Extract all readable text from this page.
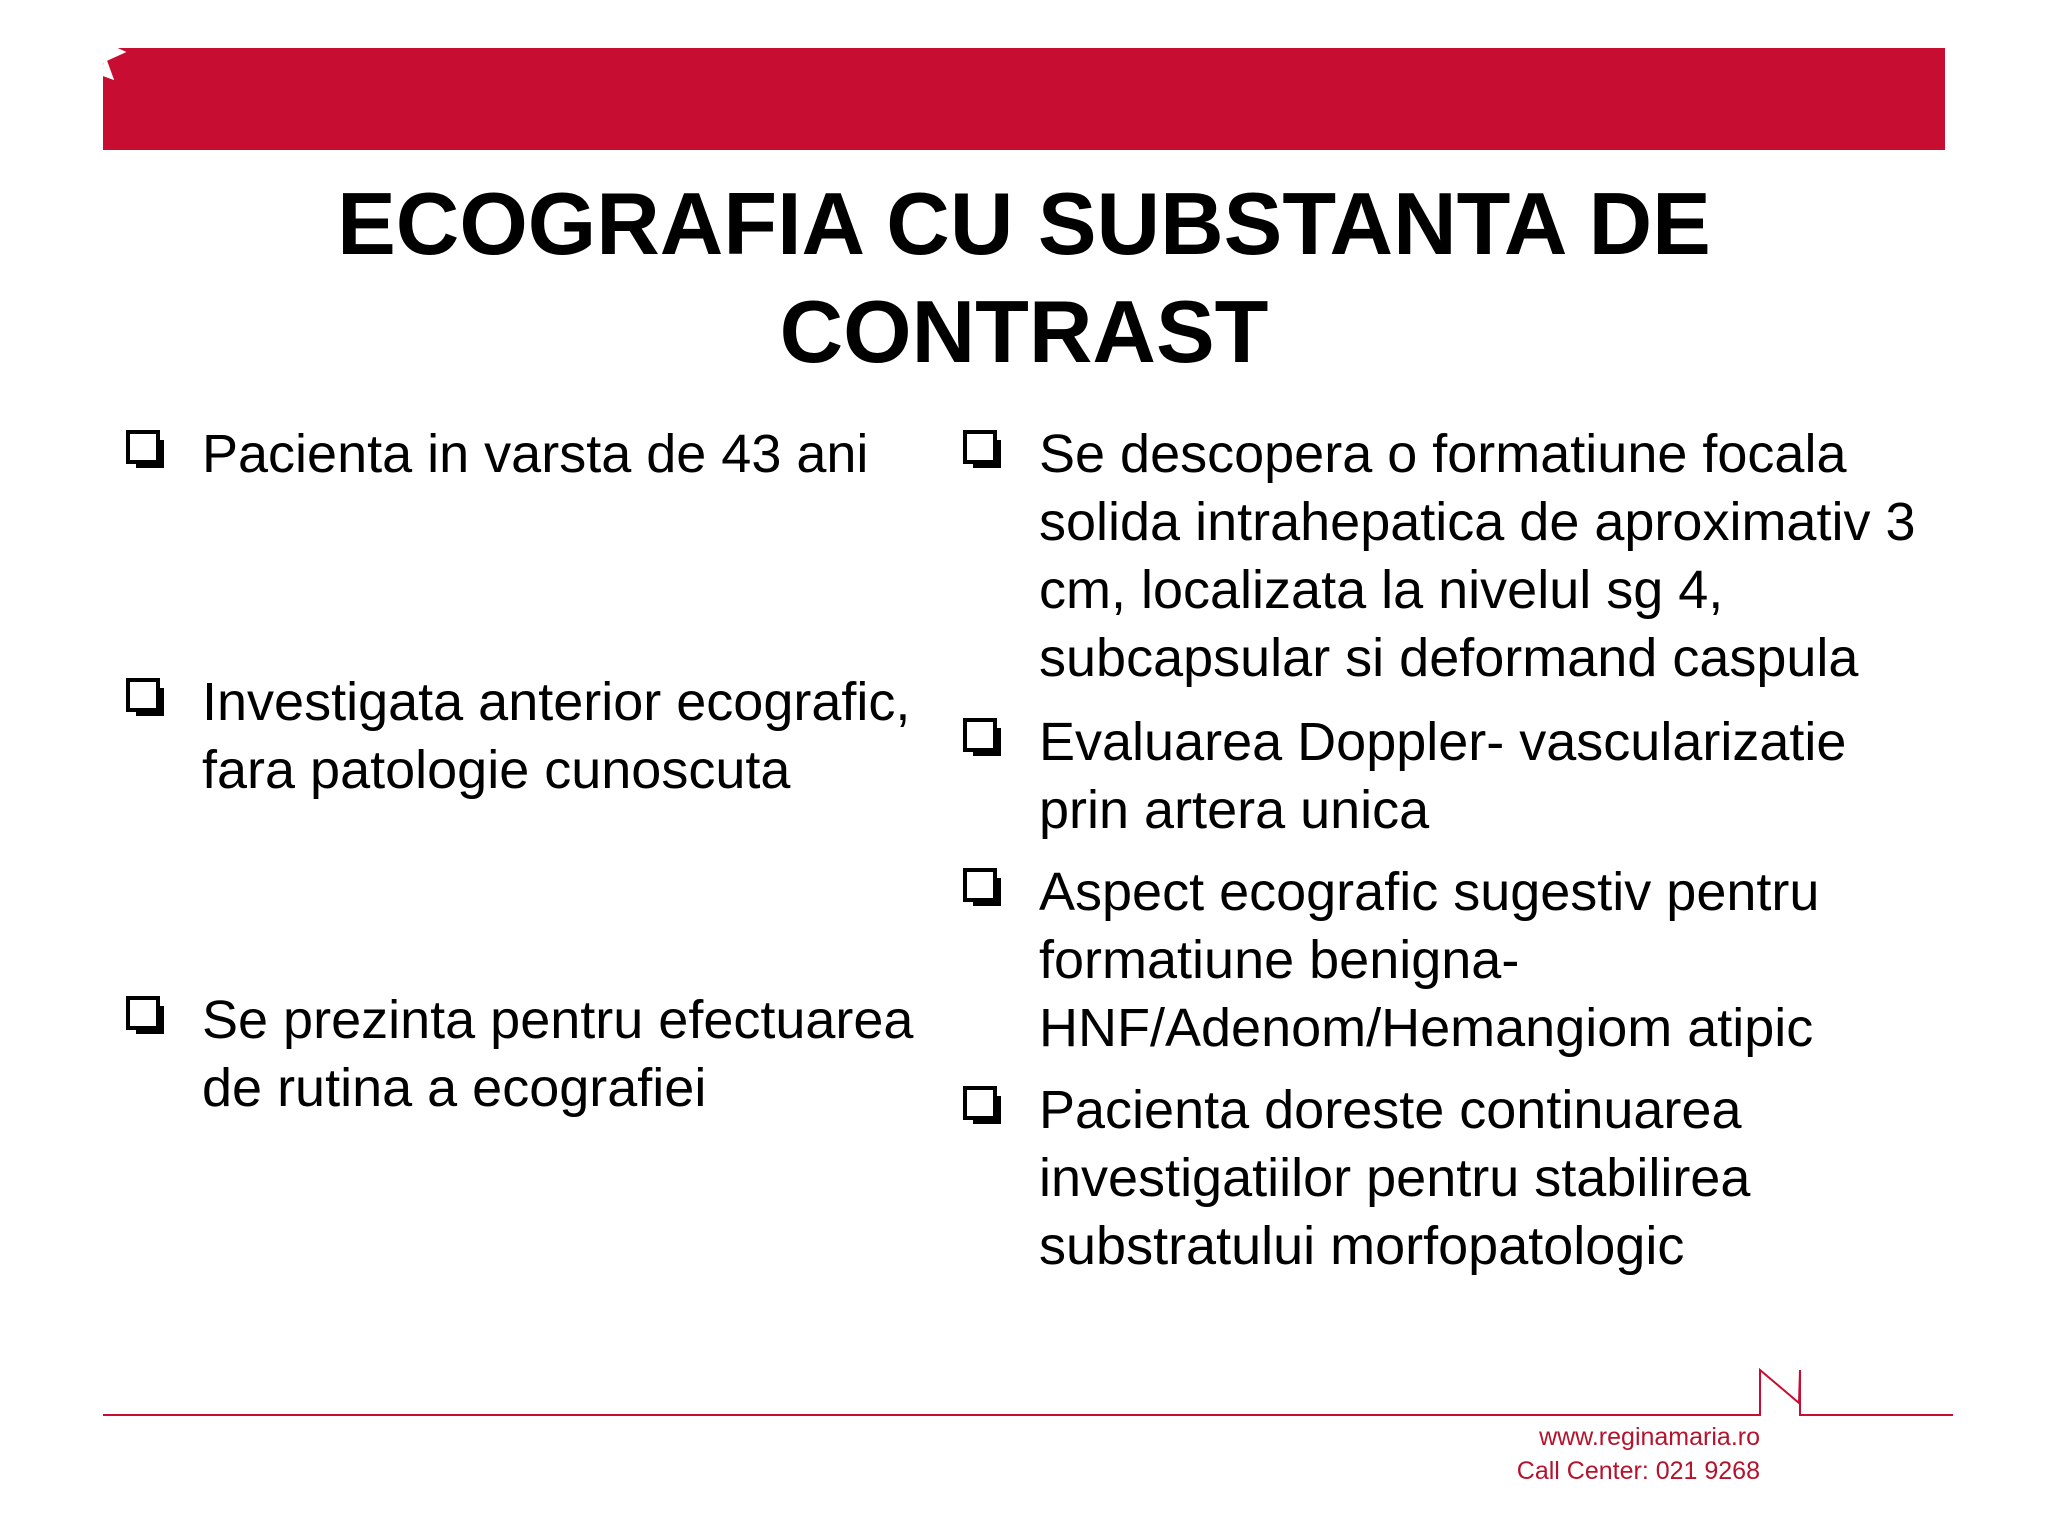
ECOGRAFIA CU SUBSTANTA DE
CONTRAST
Pacienta in varsta de 43 ani
Investigata anterior ecografic,
fara patologie cunoscuta
Se prezinta pentru efectuarea
de rutina a ecografiei
Se descopera o formatiune focala
solida intrahepatica de aproximativ 3
cm, localizata la nivelul sg 4,
subcapsular si deformand caspula
Evaluarea Doppler- vascularizatie
prin artera unica
Aspect ecografic sugestiv pentru
formatiune benigna-
HNF/Adenom/Hemangiom atipic
Pacienta doreste continuarea
investigatiilor pentru stabilirea
substratului morfopatologic
www.reginamaria.ro
Call Center: 021 9268
